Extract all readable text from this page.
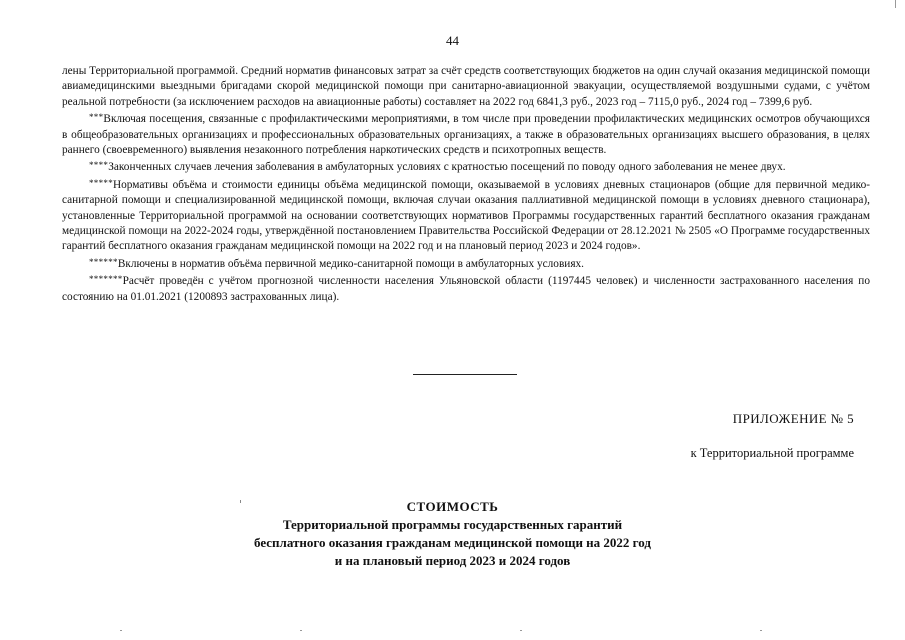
44

лены Территориальной программой. Средний норматив финансовых затрат за счёт средств соответствующих бюджетов на один случай оказания медицинской помощи авиамедицинскими выездными бригадами скорой медицинской помощи при санитарно-авиационной эвакуации, осуществляемой воздушными судами, с учётом реальной потребности (за исключением расходов на авиационные работы) составляет на 2022 год 6841,3 руб., 2023 год – 7115,0 руб., 2024 год – 7399,6 руб.

***Включая посещения, связанные с профилактическими мероприятиями, в том числе при проведении профилактических медицинских осмотров обучающихся в общеобразовательных организациях и профессиональных образовательных организациях, а также в образовательных организациях высшего образования, в целях раннего (своевременного) выявления незаконного потребления наркотических средств и психотропных веществ.

****Законченных случаев лечения заболевания в амбулаторных условиях с кратностью посещений по поводу одного заболевания не менее двух.

*****Нормативы объёма и стоимости единицы объёма медицинской помощи, оказываемой в условиях дневных стационаров (общие для первичной медико-санитарной помощи и специализированной медицинской помощи, включая случаи оказания паллиативной медицинской помощи в условиях дневного стационара), установленные Территориальной программой на основании соответствующих нормативов Программы государственных гарантий бесплатного оказания гражданам медицинской помощи на 2022-2024 годы, утверждённой постановлением Правительства Российской Федерации от 28.12.2021 № 2505 «О Программе государственных гарантий бесплатного оказания гражданам медицинской помощи на 2022 год и на плановый период 2023 и 2024 годов».

******Включены в норматив объёма первичной медико-санитарной помощи в амбулаторных условиях.

*******Расчёт проведён с учётом прогнозной численности населения Ульяновской области (1197445 человек) и численности застрахованного населения по состоянию на 01.01.2021 (1200893 застрахованных лица).

ПРИЛОЖЕНИЕ № 5
к Территориальной программе
СТОИМОСТЬ
Территориальной программы государственных гарантий
бесплатного оказания гражданам медицинской помощи на 2022 год
и на плановый период 2023 и 2024 годов
